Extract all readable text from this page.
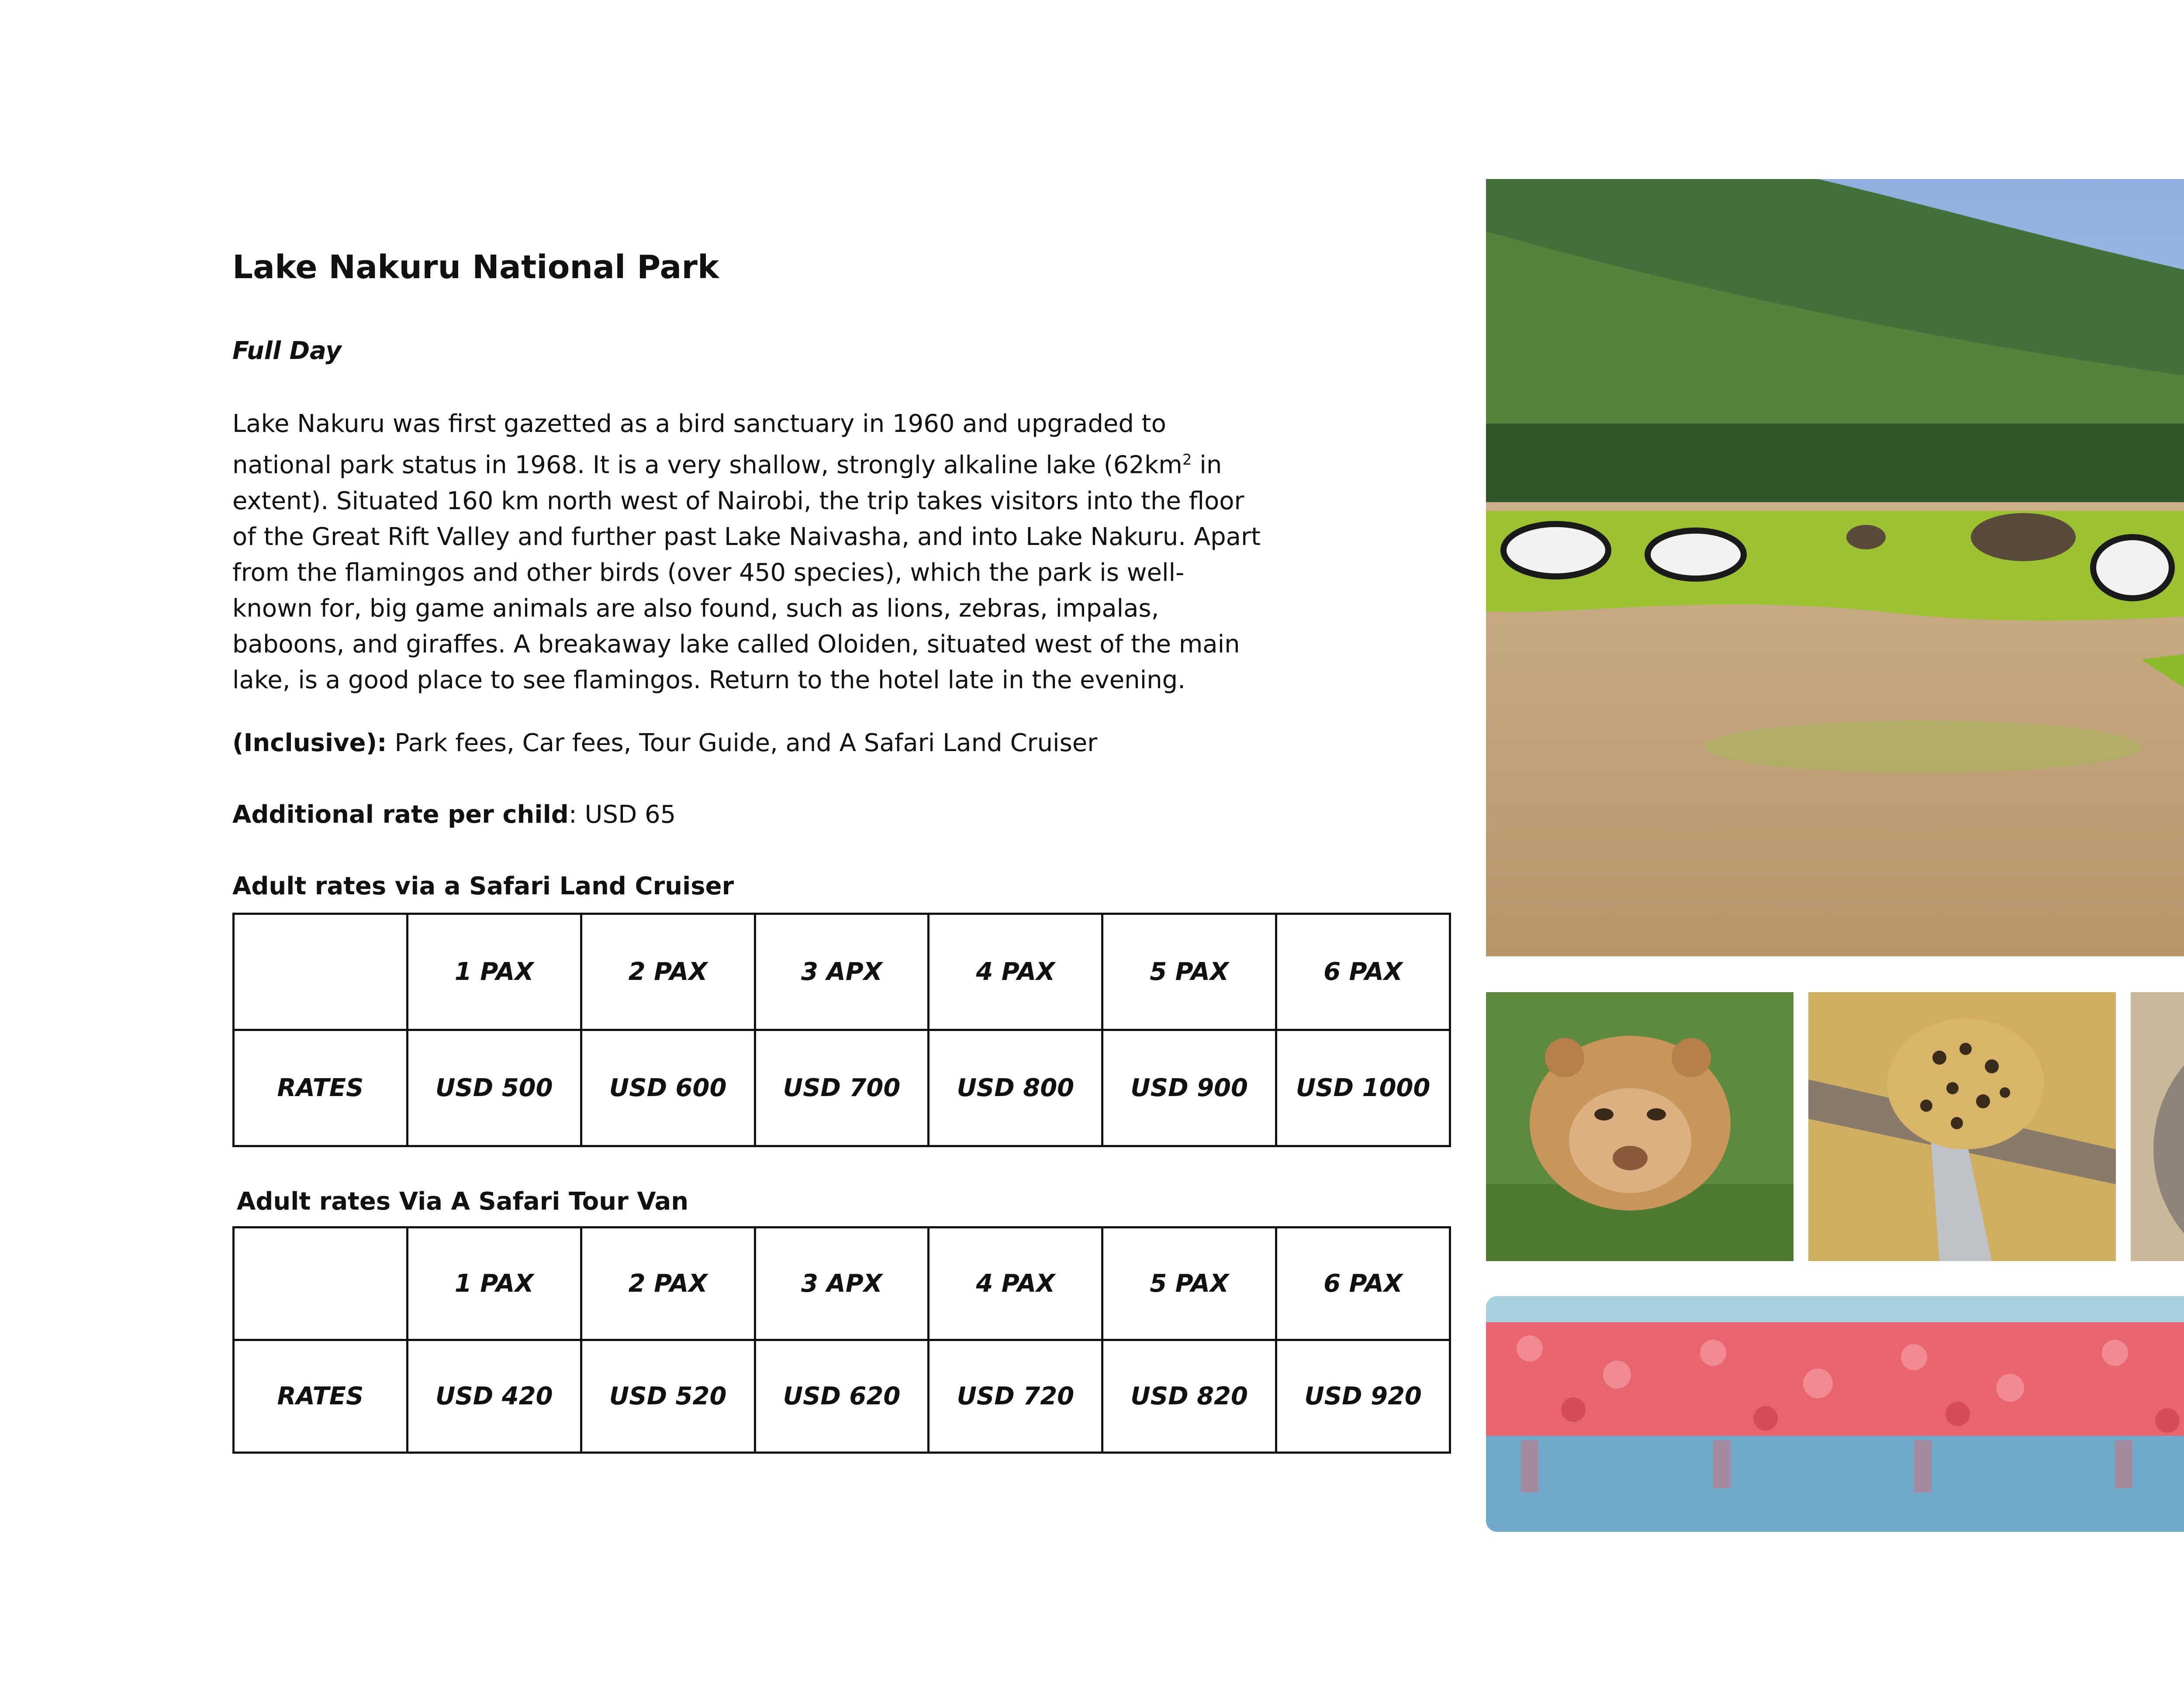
Lake Nakuru National Park
Full Day

Lake Nakuru was first gazetted as a bird sanctuary in 1960 and upgraded to national park status in 1968. It is a very shallow, strongly alkaline lake ($62km^2$ in extent). Situated 160 km north west of Nairobi, the trip takes visitors into the floor of the Great Rift Valley and further past Lake Naivasha, and into Lake Nakuru. Apart from the flamingos and other birds (over 450 species), which the park is well-known for, big game animals are also found, such as lions, zebras, impalas, baboons, and giraffes. A breakaway lake called Oloiden, situated west of the main lake, is a good place to see flamingos. Return to the hotel late in the evening.

(Inclusive): Park fees, Car fees, Tour Guide, and A Safari Land Cruiser
Additional rate per child: USD 65
Adult rates via a Safari Land Cruiser
	1 PAX	2 PAX	3 APX	4 PAX	5 PAX	6 PAX
RATES	USD 500	USD 600	USD 700	USD 800	USD 900	USD 1000
Adult rates Via A Safari Tour Van
	1 PAX	2 PAX	3 APX	4 PAX	5 PAX	6 PAX
RATES	USD 420	USD 520	USD 620	USD 720	USD 820	USD 920
